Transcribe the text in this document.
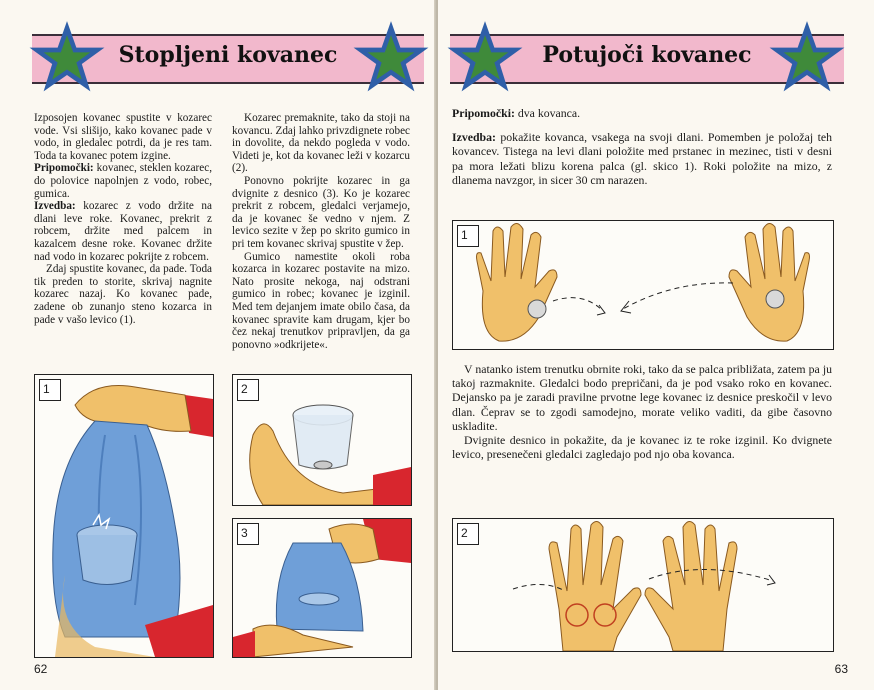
Stopljeni kovanec

Izposojen kovanec spustite v kozarec vode. Vsi slišijo, kako kovanec pade v vodo, in gledalec potrdi, da je res tam. Toda ta kovanec potem izgine.

Pripomočki: kovanec, steklen kozarec, do polovice napolnjen z vodo, robec, gumica.

Izvedba: kozarec z vodo držite na dlani leve roke. Kovanec, prekrit z robcem, držite med palcem in kazalcem desne roke. Kovanec držite nad vodo in kozarec pokrijte z robcem.

Zdaj spustite kovanec, da pade. Toda tik preden to storite, skrivaj nagnite kozarec nazaj. Ko kovanec pade, zadene ob zunanjo steno kozarca in pade v vašo levico (1).

Kozarec premaknite, tako da stoji na kovancu. Zdaj lahko privzdignete robec in dovolite, da nekdo pogleda v vodo. Videti je, kot da kovanec leži v kozarcu (2).

Ponovno pokrijte kozarec in ga dvignite z desnico (3). Ko je kozarec prekrit z robcem, gledalci verjamejo, da je kovanec še vedno v njem. Z levico sezite v žep po skrito gumico in pri tem kovanec skrivaj spustite v žep.

Gumico namestite okoli roba kozarca in kozarec postavite na mizo. Nato prosite nekoga, naj odstrani gumico in robec; kovanec je izginil. Med tem dejanjem imate obilo časa, da kovanec spravite kam drugam, kjer bo čez nekaj trenutkov pripravljen, da ga ponovno »odkrijete«.

1	2
3
62
Potujoči kovanec

Pripomočki: dva kovanca.

Izvedba: pokažite kovanca, vsakega na svoji dlani. Pomemben je položaj teh kovancev. Tistega na levi dlani položite med prstanec in mezinec, tisti v desni pa mora ležati blizu korena palca (gl. skico 1). Roki položite na mizo, z dlanema navzgor, in sicer 30 cm narazen.

1

V natanko istem trenutku obrnite roki, tako da se palca približata, zatem pa ju takoj razmaknite. Gledalci bodo prepričani, da je pod vsako roko en kovanec. Dejansko pa je zaradi pravilne prvotne lege kovanec iz desnice preskočil v levo dlan. Čeprav se to zgodi samodejno, morate veliko vaditi, da gibe časovno uskladite.

Dvignite desnico in pokažite, da je kovanec iz te roke izginil. Ko dvignete levico, presenečeni gledalci zagledajo pod njo oba kovanca.

2
63
